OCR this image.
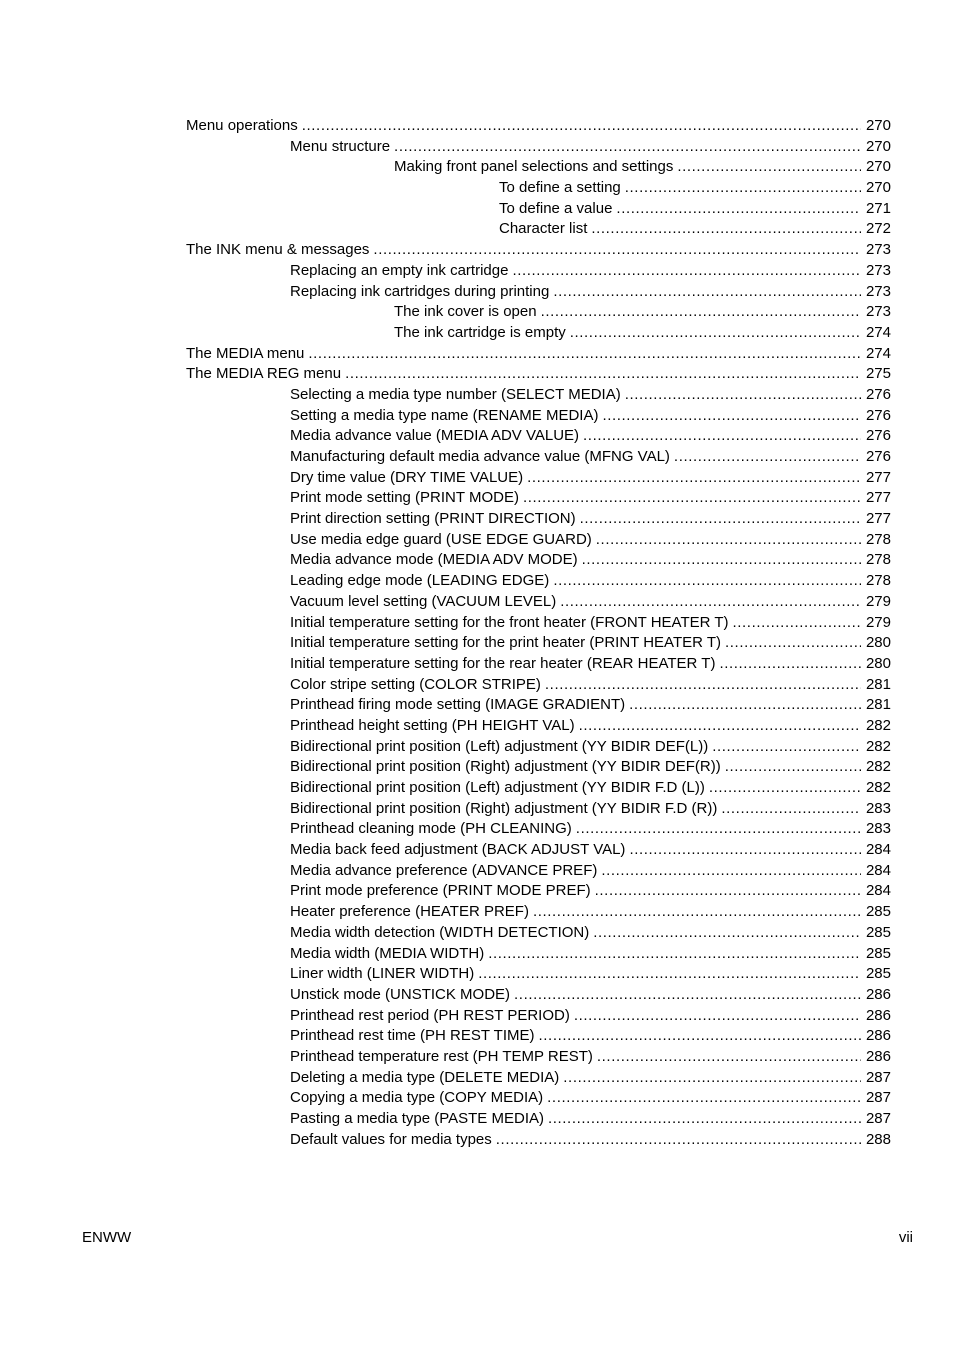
Menu operations .....	270
Menu structure .....	270
Making front panel selections and settings .....	270
To define a setting .....	270
To define a value .....	271
Character list .....	272
The INK menu & messages .....	273
Replacing an empty ink cartridge .....	273
Replacing ink cartridges during printing .....	273
The ink cover is open .....	273
The ink cartridge is empty .....	274
The MEDIA menu .....	274
The MEDIA REG menu .....	275
Selecting a media type number (SELECT MEDIA) .....	276
Setting a media type name (RENAME MEDIA) .....	276
Media advance value (MEDIA ADV VALUE) .....	276
Manufacturing default media advance value (MFNG VAL) .....	276
Dry time value (DRY TIME VALUE) .....	277
Print mode setting (PRINT MODE) .....	277
Print direction setting (PRINT DIRECTION) .....	277
Use media edge guard (USE EDGE GUARD) .....	278
Media advance mode (MEDIA ADV MODE) .....	278
Leading edge mode (LEADING EDGE) .....	278
Vacuum level setting (VACUUM LEVEL) .....	279
Initial temperature setting for the front heater (FRONT HEATER T) .....	279
Initial temperature setting for the print heater (PRINT HEATER T) .....	280
Initial temperature setting for the rear heater (REAR HEATER T) .....	280
Color stripe setting (COLOR STRIPE) .....	281
Printhead firing mode setting (IMAGE GRADIENT) .....	281
Printhead height setting (PH HEIGHT VAL) .....	282
Bidirectional print position (Left) adjustment (YY BIDIR DEF(L)) .....	282
Bidirectional print position (Right) adjustment (YY BIDIR DEF(R)) .....	282
Bidirectional print position (Left) adjustment (YY BIDIR F.D (L)) .....	282
Bidirectional print position (Right) adjustment (YY BIDIR F.D (R)) .....	283
Printhead cleaning mode (PH CLEANING) .....	283
Media back feed adjustment (BACK ADJUST VAL) .....	284
Media advance preference (ADVANCE PREF) .....	284
Print mode preference (PRINT MODE PREF) .....	284
Heater preference (HEATER PREF) .....	285
Media width detection (WIDTH DETECTION) .....	285
Media width (MEDIA WIDTH) .....	285
Liner width (LINER WIDTH) .....	285
Unstick mode (UNSTICK MODE) .....	286
Printhead rest period (PH REST PERIOD) .....	286
Printhead rest time (PH REST TIME) .....	286
Printhead temperature rest (PH TEMP REST) .....	286
Deleting a media type (DELETE MEDIA) .....	287
Copying a media type (COPY MEDIA) .....	287
Pasting a media type (PASTE MEDIA) .....	287
Default values for media types .....	288
ENWW	vii
